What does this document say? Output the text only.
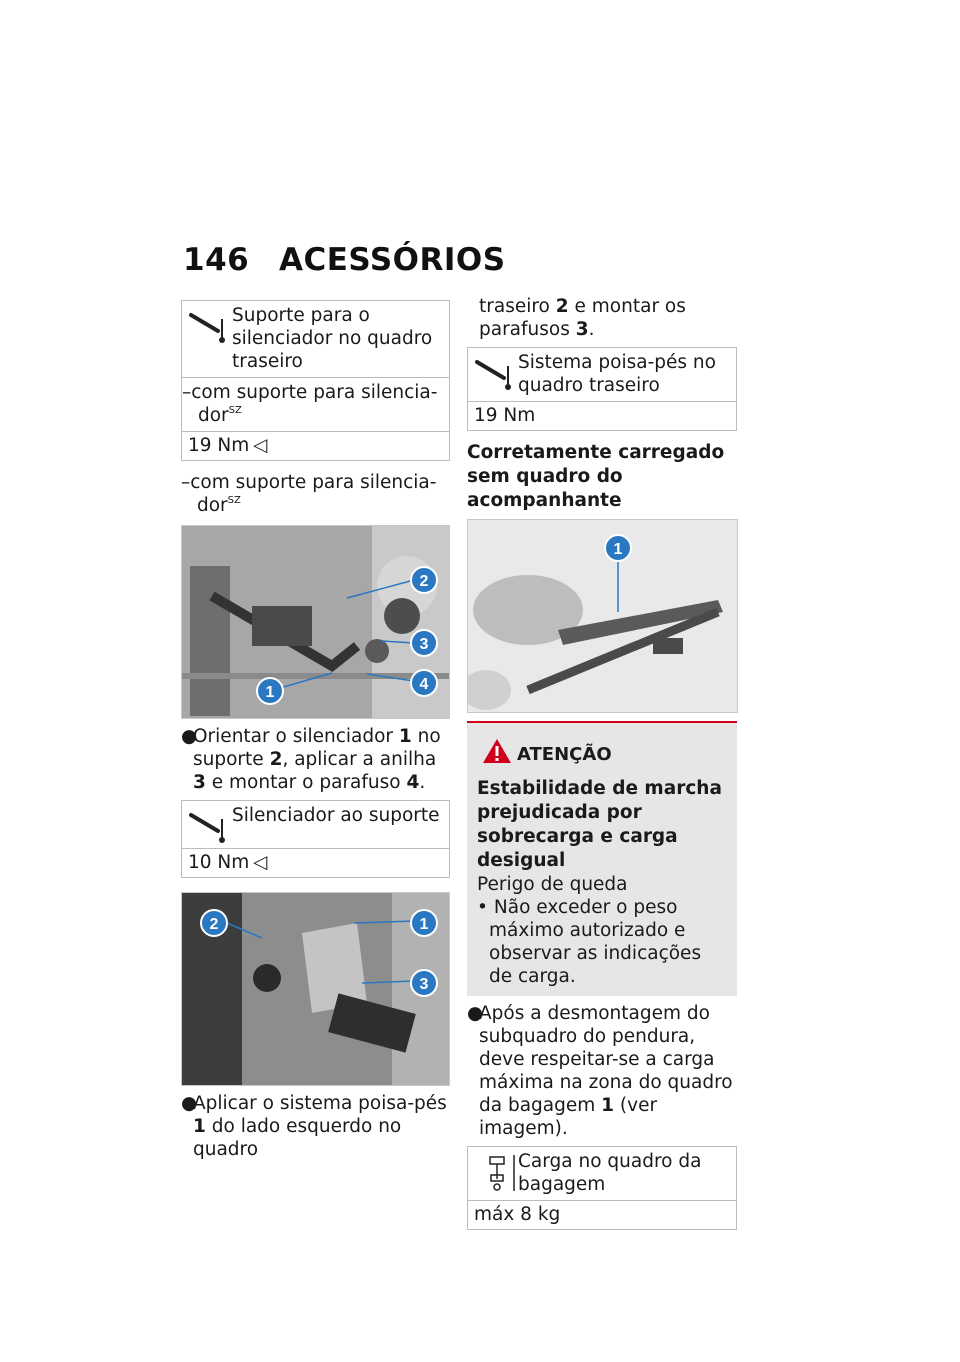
146 ACESSÓRIOS
Suporte para o silenciador no quadro traseiro
–com suporte para silenciador$^{SZ}$
19 Nm ◁
–com suporte para silenciador$^{SZ}$
2
3
4
1
●Orientar o silenciador 1 no suporte 2, aplicar a anilha 3 e montar o parafuso 4.
Silenciador ao suporte
10 Nm ◁
2	1
3
●Aplicar o sistema poisa-pés 1 do lado esquerdo no quadro
traseiro 2 e montar os parafusos 3.
Sistema poisa-pés no quadro traseiro
19 Nm
Corretamente carregado sem quadro do acompanhante
1
ATENÇÃO
Estabilidade de marcha prejudicada por sobrecarga e carga desigual
Perigo de queda
• Não exceder o peso máximo autorizado e observar as indicações de carga.
●Após a desmontagem do subquadro do pendura, deve respeitar-se a carga máxima na zona do quadro da bagagem 1 (ver imagem).
Carga no quadro da bagagem
máx 8 kg
